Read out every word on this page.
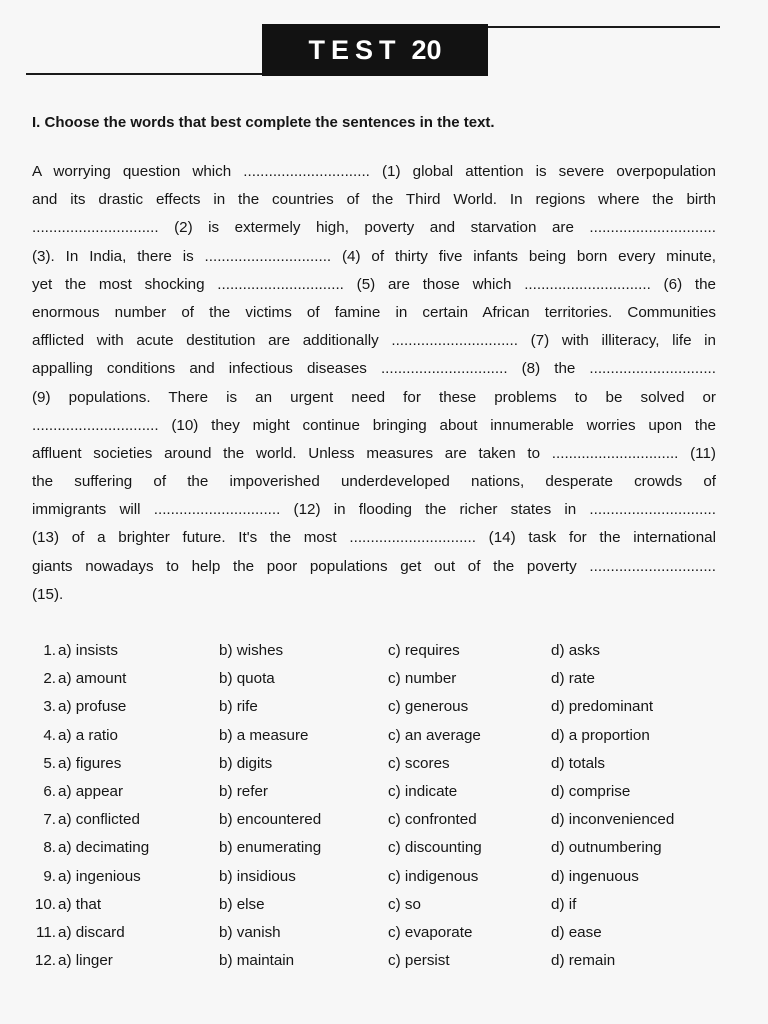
TEST 20

I. Choose the words that best complete the sentences in the text.

A worrying question which .............................. (1) global attention is severe overpopulation
and its drastic effects in the countries of the Third World. In regions where the birth
.............................. (2) is extermely high, poverty and starvation are ..............................
(3). In India, there is .............................. (4) of thirty five infants being born every minute,
yet the most shocking .............................. (5) are those which .............................. (6) the
enormous number of the victims of famine in certain African territories. Communities
afflicted with acute destitution are additionally .............................. (7) with illiteracy, life in
appalling conditions and infectious diseases .............................. (8) the ..............................
(9) populations. There is an urgent need for these problems to be solved or
.............................. (10) they might continue bringing about innumerable worries upon the
affluent societies around the world. Unless measures are taken to .............................. (11)
the suffering of the impoverished underdeveloped nations, desperate crowds of
immigrants will .............................. (12) in flooding the richer states in ..............................
(13) of a brighter future. It's the most .............................. (14) task for the international
giants nowadays to help the poor populations get out of the poverty ..............................
(15).
1. a) insists	b) wishes	c) requires	d) asks
2. a) amount	b) quota	c) number	d) rate
3. a) profuse	b) rife	c) generous	d) predominant
4. a) a ratio	b) a measure	c) an average	d) a proportion
5. a) figures	b) digits	c) scores	d) totals
6. a) appear	b) refer	c) indicate	d) comprise
7. a) conflicted	b) encountered	c) confronted	d) inconvenienced
8. a) decimating	b) enumerating	c) discounting	d) outnumbering
9. a) ingenious	b) insidious	c) indigenous	d) ingenuous
10. a) that	b) else	c) so	d) if
11. a) discard	b) vanish	c) evaporate	d) ease
12. a) linger	b) maintain	c) persist	d) remain
